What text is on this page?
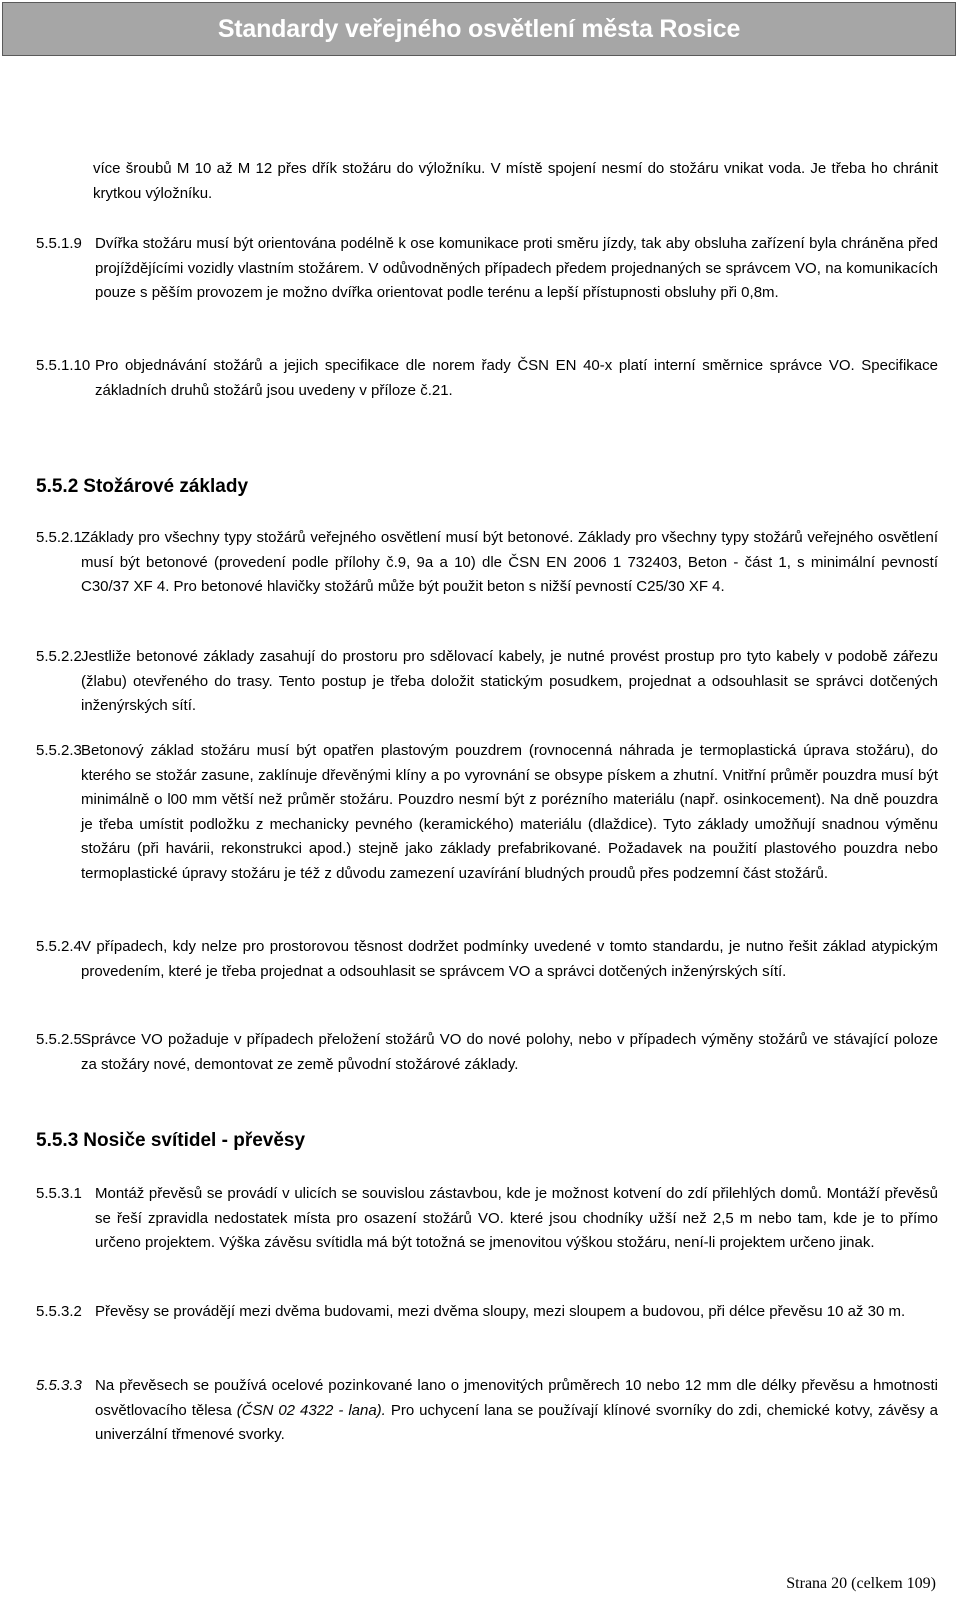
Standardy veřejného osvětlení města Rosice
více šroubů M 10 až M 12 přes dřík stožáru do výložníku. V místě spojení nesmí do stožáru vnikat voda. Je třeba ho chránit krytkou výložníku.
5.5.1.9 Dvířka stožáru musí být orientována podélně k ose komunikace proti směru jízdy, tak aby obsluha zařízení byla chráněna před projíždějícími vozidly vlastním stožárem. V odůvodněných případech předem projednaných se správcem VO, na komunikacích pouze s pěším provozem je možno dvířka orientovat podle terénu a lepší přístupnosti obsluhy při 0,8m.
5.5.1.10 Pro objednávání stožárů a jejich specifikace dle norem řady ČSN EN 40-x platí interní směrnice správce VO. Specifikace základních druhů stožárů jsou uvedeny v příloze č.21.
5.5.2 Stožárové základy
5.5.2.1 Základy pro všechny typy stožárů veřejného osvětlení musí být betonové. Základy pro všechny typy stožárů veřejného osvětlení musí být betonové (provedení podle přílohy č.9, 9a a 10) dle ČSN EN 2006 1 732403, Beton - část 1, s minimální pevností C30/37 XF 4. Pro betonové hlavičky stožárů může být použit beton s nižší pevností C25/30 XF 4.
5.5.2.2 Jestliže betonové základy zasahují do prostoru pro sdělovací kabely, je nutné provést prostup pro tyto kabely v podobě zářezu (žlabu) otevřeného do trasy. Tento postup je třeba doložit statickým posudkem, projednat a odsouhlasit se správci dotčených inženýrských sítí.
5.5.2.3 Betonový základ stožáru musí být opatřen plastovým pouzdrem (rovnocenná náhrada je termoplastická úprava stožáru), do kterého se stožár zasune, zaklínuje dřevěnými klíny a po vyrovnání se obsype pískem a zhutní. Vnitřní průměr pouzdra musí být minimálně o l00 mm větší než průměr stožáru. Pouzdro nesmí být z porézního materiálu (např. osinkocement). Na dně pouzdra je třeba umístit podložku z mechanicky pevného (keramického) materiálu (dlaždice). Tyto základy umožňují snadnou výměnu stožáru (při havárii, rekonstrukci apod.) stejně jako základy prefabrikované. Požadavek na použití plastového pouzdra nebo termoplastické úpravy stožáru je též z důvodu zamezení uzavírání bludných proudů přes podzemní část stožárů.
5.5.2.4 V případech, kdy nelze pro prostorovou těsnost dodržet podmínky uvedené v tomto standardu, je nutno řešit základ atypickým provedením, které je třeba projednat a odsouhlasit se správcem VO a správci dotčených inženýrských sítí.
5.5.2.5 Správce VO požaduje v případech přeložení stožárů VO do nové polohy, nebo v případech výměny stožárů ve stávající poloze za stožáry nové, demontovat ze země původní stožárové základy.
5.5.3 Nosiče svítidel - převěsy
5.5.3.1 Montáž převěsů se provádí v ulicích se souvislou zástavbou, kde je možnost kotvení do zdí přilehlých domů. Montáží převěsů se řeší zpravidla nedostatek místa pro osazení stožárů VO. které jsou chodníky užší než 2,5 m nebo tam, kde je to přímo určeno projektem. Výška závěsu svítidla má být totožná se jmenovitou výškou stožáru, není-li projektem určeno jinak.
5.5.3.2 Převěsy se provádějí mezi dvěma budovami, mezi dvěma sloupy, mezi sloupem a budovou, při délce převěsu 10 až 30 m.
5.5.3.3 Na převěsech se používá ocelové pozinkované lano o jmenovitých průměrech 10 nebo 12 mm dle délky převěsu a hmotnosti osvětlovacího tělesa (ČSN 02 4322 - lana). Pro uchycení lana se používají klínové svorníky do zdi, chemické kotvy, závěsy a univerzální třmenové svorky.
Strana 20 (celkem 109)
